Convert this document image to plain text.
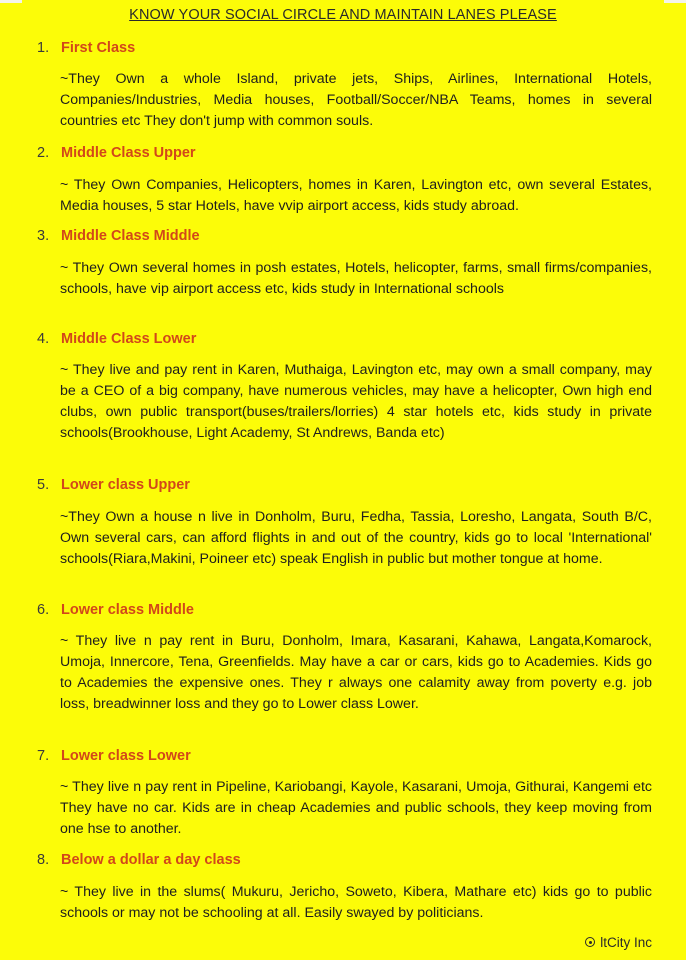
KNOW YOUR SOCIAL CIRCLE AND MAINTAIN LANES PLEASE
1. First Class
~They Own a whole Island, private jets, Ships, Airlines, International Hotels, Companies/Industries, Media houses, Football/Soccer/NBA Teams, homes in several countries etc They don't jump with common souls.
2. Middle Class Upper
~ They Own Companies, Helicopters, homes in Karen, Lavington etc, own several Estates, Media houses, 5 star Hotels, have vvip airport access, kids study abroad.
3. Middle Class Middle
~ They Own several homes in posh estates, Hotels, helicopter, farms, small firms/companies, schools, have vip airport access etc, kids study in International schools
4. Middle Class Lower
~ They live and pay rent in Karen, Muthaiga, Lavington etc, may own a small company, may be a CEO of a big company, have numerous vehicles, may have a helicopter, Own high end clubs, own public transport(buses/trailers/lorries) 4 star hotels etc, kids study in private schools(Brookhouse, Light Academy, St Andrews, Banda etc)
5. Lower class Upper
~They Own a house n live in Donholm, Buru, Fedha, Tassia, Loresho, Langata, South B/C, Own several cars, can afford flights in and out of the country, kids go to local 'International' schools(Riara,Makini, Poineer etc) speak English in public but mother tongue at home.
6. Lower class Middle
~ They live n pay rent in Buru, Donholm, Imara, Kasarani, Kahawa, Langata,Komarock, Umoja, Innercore, Tena, Greenfields. May have a car or cars, kids go to Academies. Kids go to Academies the expensive ones. They r always one calamity away from poverty e.g. job loss, breadwinner loss and they go to Lower class Lower.
7. Lower class Lower
~ They live n pay rent in Pipeline, Kariobangi, Kayole, Kasarani, Umoja, Githurai, Kangemi etc They have no car. Kids are in cheap Academies and public schools, they keep moving from one hse to another.
8. Below a dollar a day class
~ They live in the slums( Mukuru, Jericho, Soweto, Kibera, Mathare etc) kids go to public schools or may not be schooling at all. Easily swayed by politicians.
ltCity Inc
